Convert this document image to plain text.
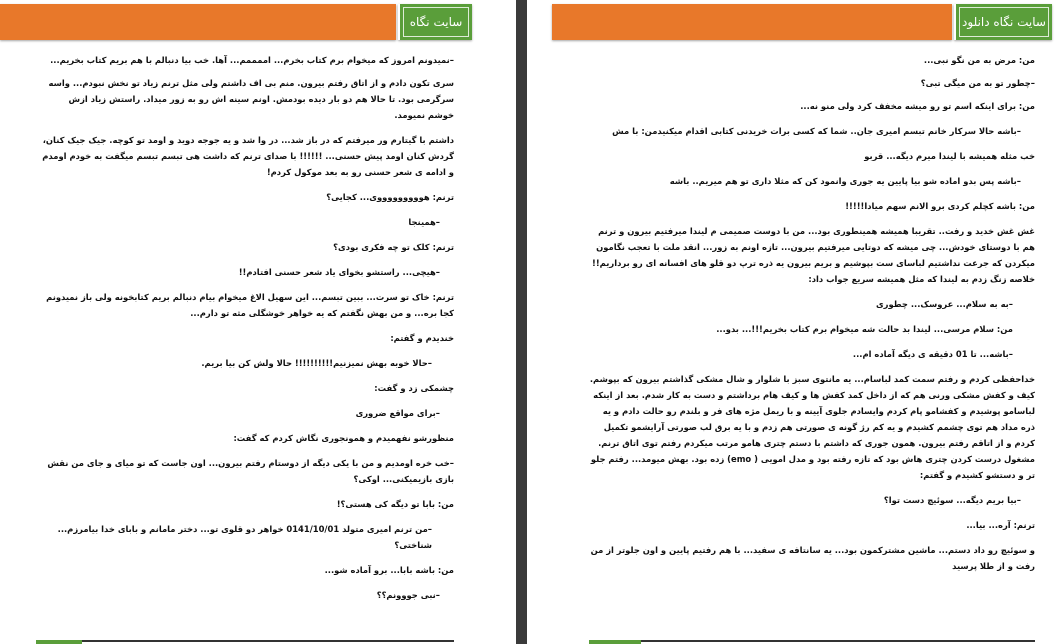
سایت نگاه دانلود

–نمیدونم امروز که میخوام برم کتاب بخرم... اممممم... آها. خب بیا دنبالم با هم بریم کتاب بخریم...

سری تکون دادم و از اتاق رفتم بیرون. منم بی اف داشتم ولی مثل ترنم زیاد تو نخش نبودم... واسه سرگرمی بود. تا حالا هم دو بار دیده بودمش. اونم سینه اش رو به زور میداد. راستش زیاد ازش خوشم نمیومد.

داشتم با گیتارم ور میرفتم که در باز شد... در وا شد و یه جوجه دوید و اومد تو کوچه. جیک جیک کنان، گردش کنان اومد پیش حسنی... !!!!!! با صدای ترنم که داشت هی تبسم تبسم میگفت به خودم اومدم و ادامه ی شعر حسنی رو به بعد موکول کردم!

ترنم: هوووووووووی... کجایی؟

–همینجا

ترنم: کلک تو چه فکری بودی؟

–هیچی... راستشو بخوای یاد شعر حسنی افتادم!!

ترنم: خاک تو سرت... ببین تبسم... این سهیل الاغ میخوام بیام دنبالم بریم کتابخونه ولی باز نمیدونم کجا بره... و من بهش نگفتم که یه خواهر خوشگلی مثه تو دارم...

خندیدم و گفتم:

–حالا خوبه بهش نمیزنیم!!!!!!!!!! حالا ولش کن بیا بریم.

چشمکی زد و گفت:

–برای مواقع ضروری

منظورشو نفهمیدم و همونجوری نگاش کردم که گفت:

–خب خره اومدیم و من با یکی دیگه از دوستام رفتم بیرون... اون جاست که تو میای و جای من نقش بازی بازیمیکنی... اوکی؟

من: بابا تو دیگه کی هستی؟!

–من ترنم امیری متولد 0141/10/01 خواهر دو قلوی تو... دختر مامانم و بابای خدا بیامرزم... شناختی؟

من: باشه بابا... برو آماده شو...

–نبی جووونم؟؟

سایت نگاه دانلود

من: مرض به من نگو نبی...

–چطور تو به من میگی تبی؟

من: برای اینکه اسم تو رو میشه مخفف کرد ولی منو نه...

–باشه حالا سرکار خانم تبسم امیری جان.. شما که کسی برات خریدنی کتابی اقدام میکنیدمن: با مش

خب مثله همیشه با لیندا میرم دیگه... قربو

–باشه پس بدو اماده شو بیا پایین یه جوری وانمود کن که مثلا داری تو هم میریم.. باشه

من: باشه کچلم کردی برو الانم سهم میادا!!!!!

غش غش خدید و رفت.. تقریبا همیشه همینطوری بود... من با دوست صمیمی م لیندا میرفتیم بیرون و ترنم هم با دوستای خودش... چی میشه که دوتایی میرفتیم بیرون... تازه اونم به زور... انقد ملت با تعجب نگامون میکردن که جرعت نداشتیم لباسای ست بپوشیم و بریم بیرون یه ذره ترپ دو قلو های افسانه ای رو برداریم!! خلاصه زنگ زدم به لیندا که مثل همیشه سریع جواب داد:

–به به سلام... عروسک... چطوری

من: سلام مرسی... لیندا بد حالت شه میخوام برم کتاب بخریم!!!... بدو...

–باشه... تا 01 دقیقه ی دیگه آماده ام...

خداحفظی کردم و رفتم سمت کمد لباسام... یه مانتوی سبز با شلوار و شال مشکی گذاشتم بیرون که بپوشم. کیف و کفش مشکی ورنی هم که از داخل کمد کفش ها و کیف هام برداشتم و دست به کار شدم. بعد از اینکه لباسامو پوشیدم و کفشامو پام کردم وایسادم جلوی آیینه و با ریمل مژه های فر و بلندم رو حالت دادم و یه ذره مداد هم توی چشمم کشیدم و یه کم رژ گونه ی صورتی هم زدم و با یه برق لب صورتی آرایشمو تکمیل کردم و از اتاقم رفتم بیرون. همون جوری که داشتم با دستم چتری هامو مرتب میکردم رفتم توی اتاق ترنم. مشغول درست کردن چتری هاش بود که تازه رفته بود و مدل امویی ( emo) زده بود. بهش میومد... رفتم جلو تر و دستشو کشیدم و گفتم:

–بیا بریم دیگه... سوئیچ دست توا؟

ترنم: آره... بیا...

و سوئیچ رو داد دستم... ماشین مشترکمون بود... یه سانتافه ی سفید... با هم رفتیم پایین و اون جلوتر از من رفت و از طلا پرسید
